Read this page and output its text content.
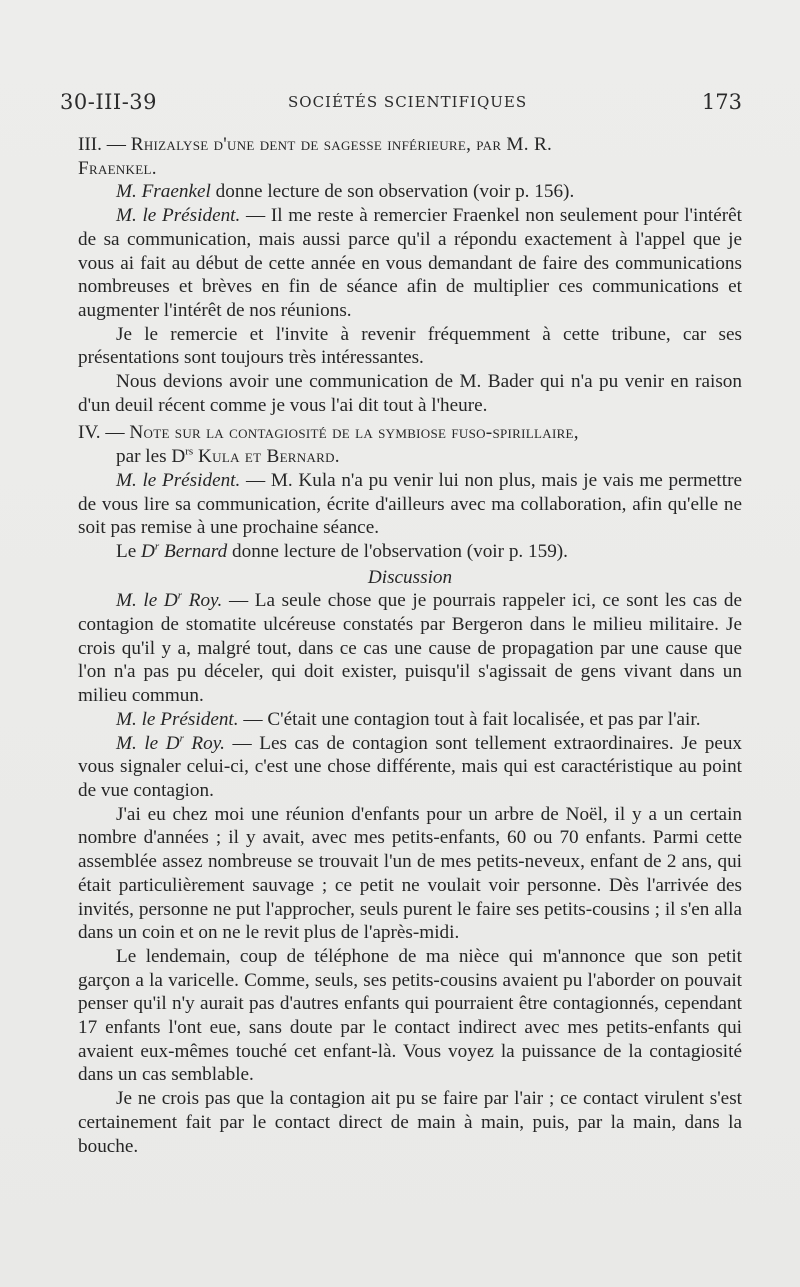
30-III-39	SOCIÉTÉS SCIENTIFIQUES	173

III. — Rhizalyse d'une dent de sagesse inférieure, par M. R.
Fraenkel.

M. Fraenkel donne lecture de son observation (voir p. 156).

M. le Président. — Il me reste à remercier Fraenkel non seulement pour l'intérêt de sa communication, mais aussi parce qu'il a répondu exactement à l'appel que je vous ai fait au début de cette année en vous demandant de faire des communications nombreuses et brèves en fin de séance afin de multiplier ces communications et augmenter l'intérêt de nos réunions.

Je le remercie et l'invite à revenir fréquemment à cette tribune, car ses présentations sont toujours très intéressantes.

Nous devions avoir une communication de M. Bader qui n'a pu venir en raison d'un deuil récent comme je vous l'ai dit tout à l'heure.

IV. — Note sur la contagiosité de la symbiose fuso-spirillaire,
par les $D^{rs}$ Kula et Bernard.

M. le Président. — M. Kula n'a pu venir lui non plus, mais je vais me permettre de vous lire sa communication, écrite d'ailleurs avec ma collaboration, afin qu'elle ne soit pas remise à une prochaine séance.

Le $D^r$ Bernard donne lecture de l'observation (voir p. 159).

Discussion

M. le $D^r$ Roy. — La seule chose que je pourrais rappeler ici, ce sont les cas de contagion de stomatite ulcéreuse constatés par Bergeron dans le milieu militaire. Je crois qu'il y a, malgré tout, dans ce cas une cause de propagation par une cause que l'on n'a pas pu déceler, qui doit exister, puisqu'il s'agissait de gens vivant dans un milieu commun.

M. le Président. — C'était une contagion tout à fait localisée, et pas par l'air.

M. le $D^r$ Roy. — Les cas de contagion sont tellement extraordinaires. Je peux vous signaler celui-ci, c'est une chose différente, mais qui est caractéristique au point de vue contagion.

J'ai eu chez moi une réunion d'enfants pour un arbre de Noël, il y a un certain nombre d'années ; il y avait, avec mes petits-enfants, 60 ou 70 enfants. Parmi cette assemblée assez nombreuse se trouvait l'un de mes petits-neveux, enfant de 2 ans, qui était particulièrement sauvage ; ce petit ne voulait voir personne. Dès l'arrivée des invités, personne ne put l'approcher, seuls purent le faire ses petits-cousins ; il s'en alla dans un coin et on ne le revit plus de l'après-midi.

Le lendemain, coup de téléphone de ma nièce qui m'annonce que son petit garçon a la varicelle. Comme, seuls, ses petits-cousins avaient pu l'aborder on pouvait penser qu'il n'y aurait pas d'autres enfants qui pourraient être contagionnés, cependant 17 enfants l'ont eue, sans doute par le contact indirect avec mes petits-enfants qui avaient eux-mêmes touché cet enfant-là. Vous voyez la puissance de la contagiosité dans un cas semblable.

Je ne crois pas que la contagion ait pu se faire par l'air ; ce contact virulent s'est certainement fait par le contact direct de main à main, puis, par la main, dans la bouche.
